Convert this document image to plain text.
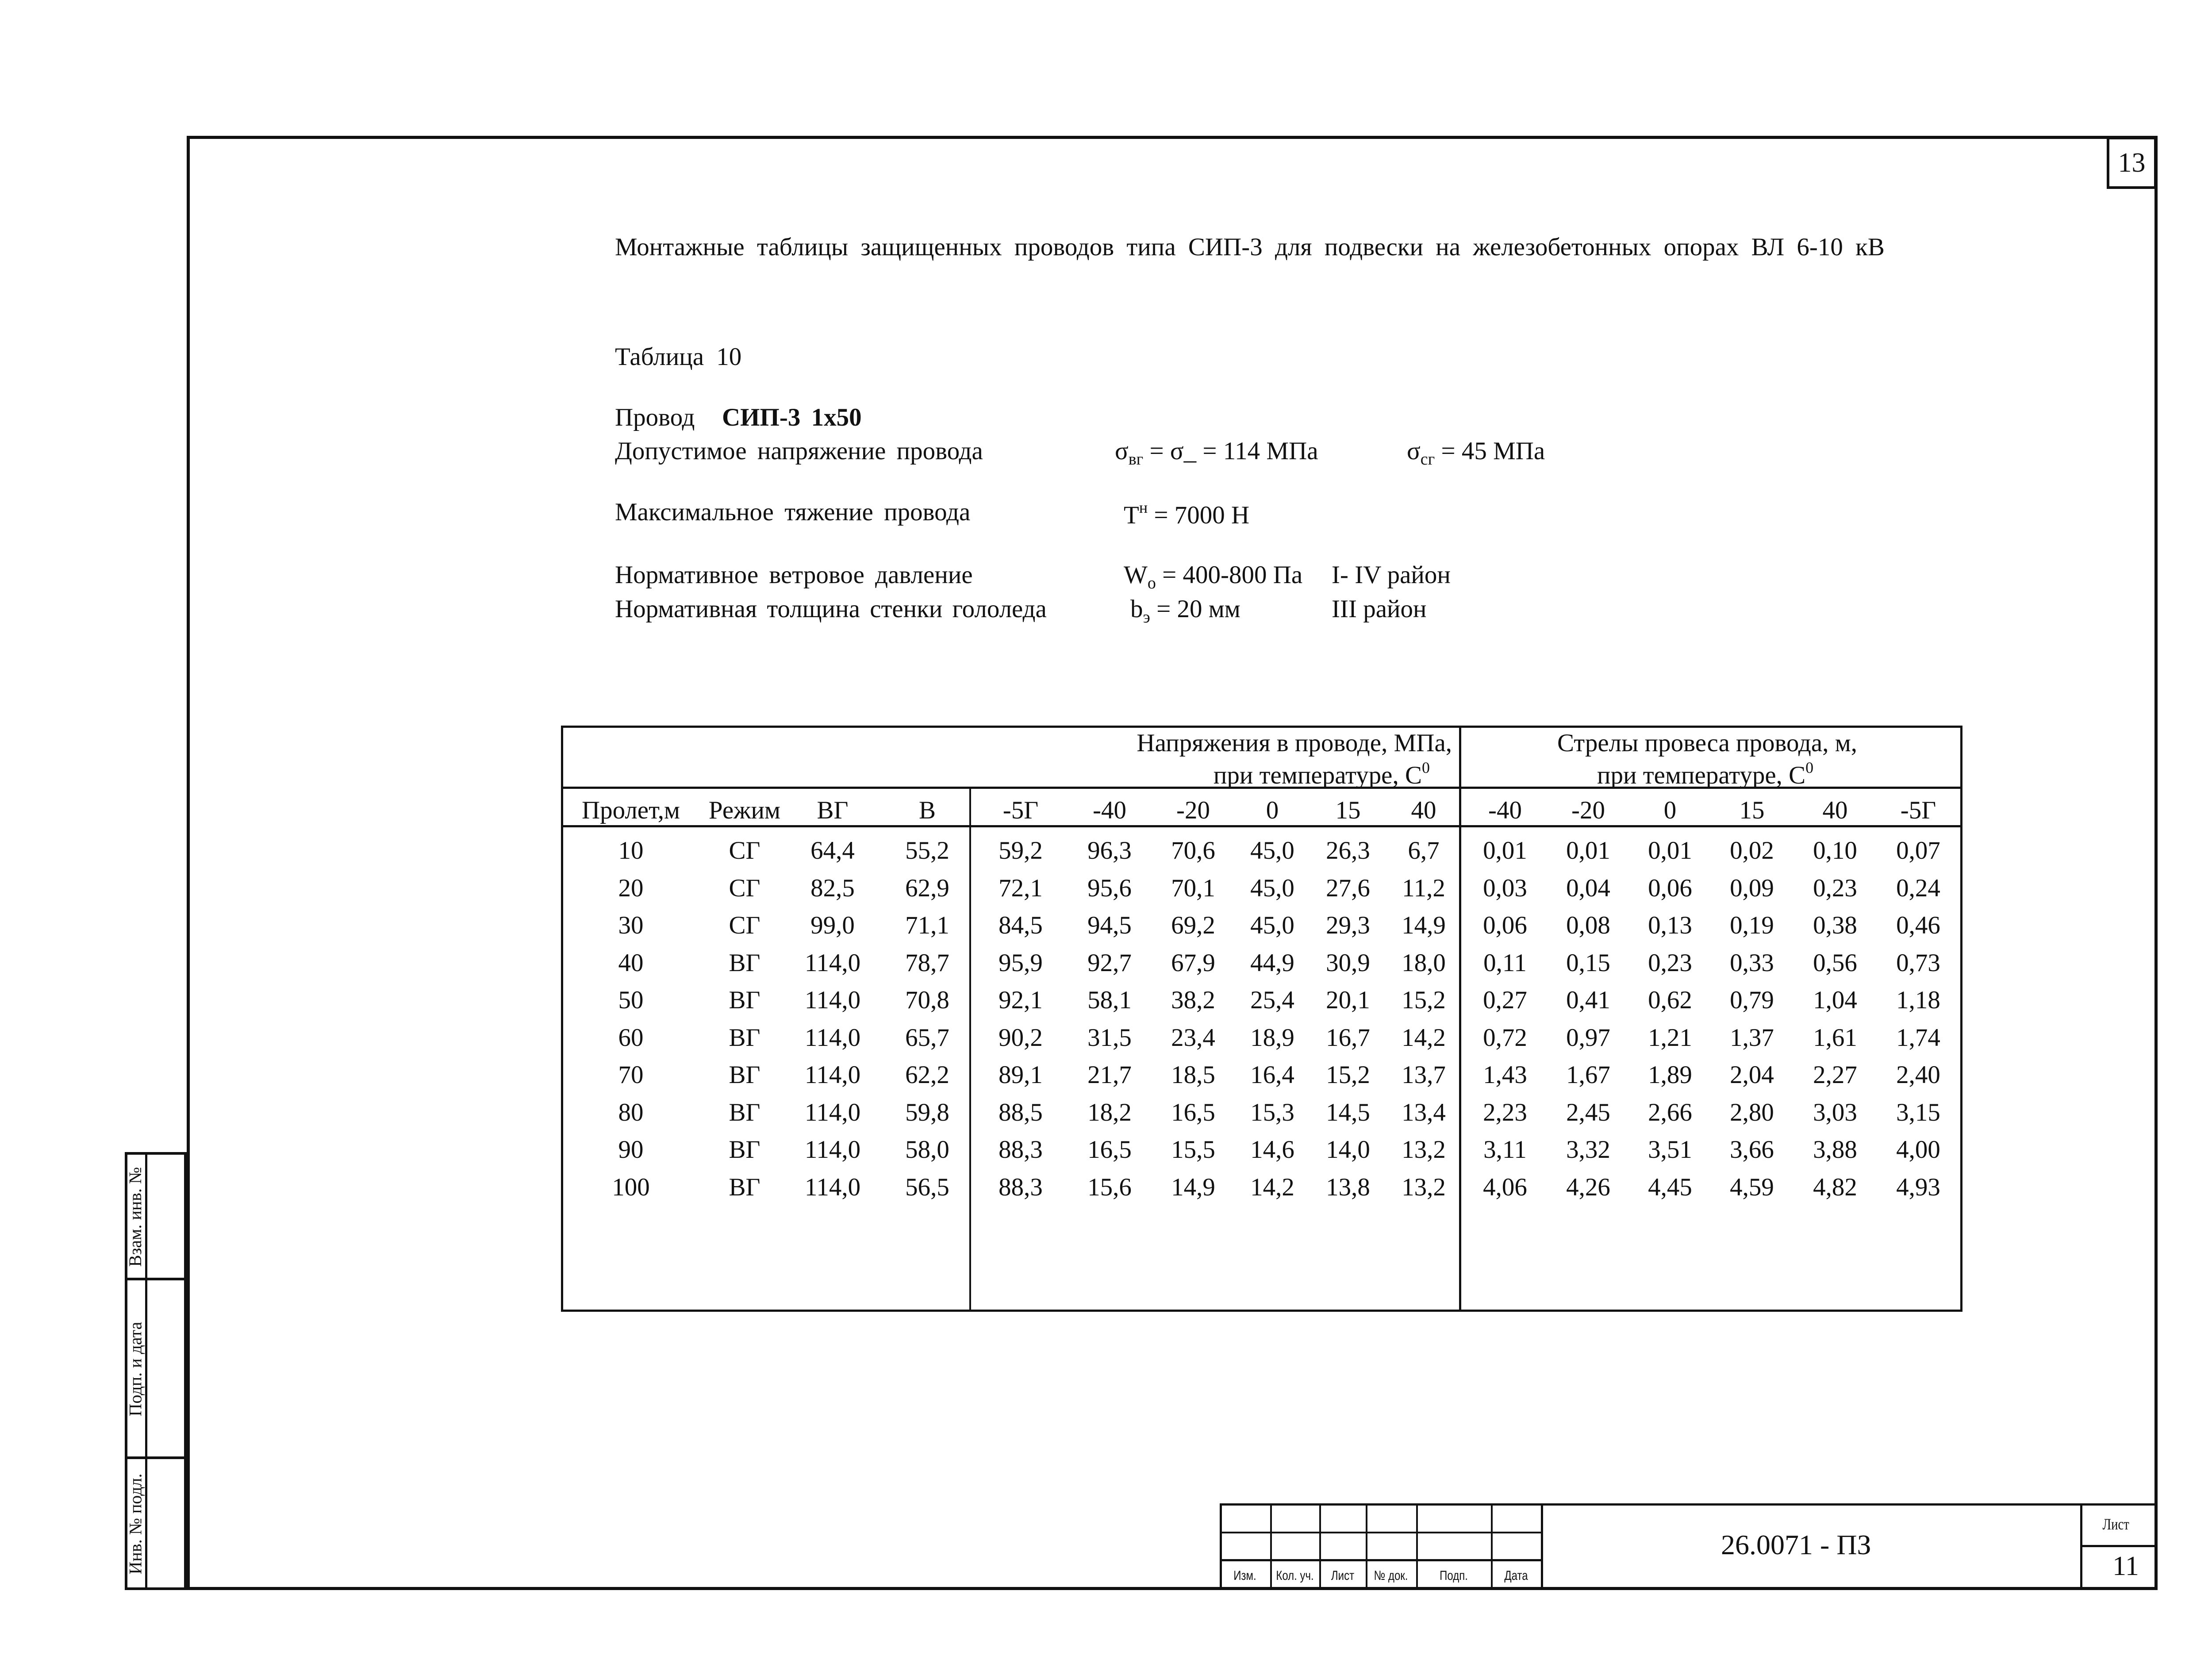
13
Монтажные таблицы защищенных проводов типа СИП-3 для подвески на железобетонных опорах ВЛ 6-10 кВ
Таблица 10
Провод СИП-3 1х50
Допустимое напряжение провода	$\sigma_{вг}$ = σ_ = 114 МПа	$\sigma_{сг} = 45$ МПа
Максимальное тяжение провода	$T^н = 7000$ Н
Нормативное ветровое давление	$W_о = 400-800$ Па I- IV район
Нормативная толщина стенки гололеда	$b_э = 20$ мм	III район
Напряжения в проводе, МПа,
при температуре, $С^0$
Стрелы провеса провода, м,
при температуре, $С^0$
Пролет,м Режим ВГ	В	-5Г -40 -20 0 15 40 -40 -20 0 15 40 -5Г
10	СГ 64,4 55,2 59,2 96,3 70,6 45,0 26,3 6,7 0,01 0,01 0,01 0,02 0,10 0,07
20	СГ 82,5 62,9 72,1 95,6 70,1 45,0 27,6 11,2 0,03 0,04 0,06 0,09 0,23 0,24
30	СГ 99,0 71,1 84,5 94,5 69,2 45,0 29,3 14,9 0,06 0,08 0,13 0,19 0,38 0,46
40	ВГ 114,0 78,7 95,9 92,7 67,9 44,9 30,9 18,0 0,11 0,15 0,23 0,33 0,56 0,73
50	ВГ 114,0 70,8 92,1 58,1 38,2 25,4 20,1 15,2 0,27 0,41 0,62 0,79 1,04 1,18
60	ВГ 114,0 65,7 90,2 31,5 23,4 18,9 16,7 14,2 0,72 0,97 1,21 1,37 1,61 1,74
70	ВГ 114,0 62,2 89,1 21,7 18,5 16,4 15,2 13,7 1,43 1,67 1,89 2,04 2,27 2,40
80	ВГ 114,0 59,8 88,5 18,2 16,5 15,3 14,5 13,4 2,23 2,45 2,66 2,80 3,03 3,15
90	ВГ 114,0 58,0 88,3 16,5 15,5 14,6 14,0 13,2 3,11 3,32 3,51 3,66 3,88 4,00
100	ВГ 114,0 56,5 88,3 15,6 14,9 14,2 13,8 13,2 4,06 4,26 4,45 4,59 4,82 4,93
Взам. инв. №
Подп. и дата
Инв. № подл.
Изм. Кол. уч. Лист № док. Подп.	Дата
26.0071 - ПЗ
Лист
11
